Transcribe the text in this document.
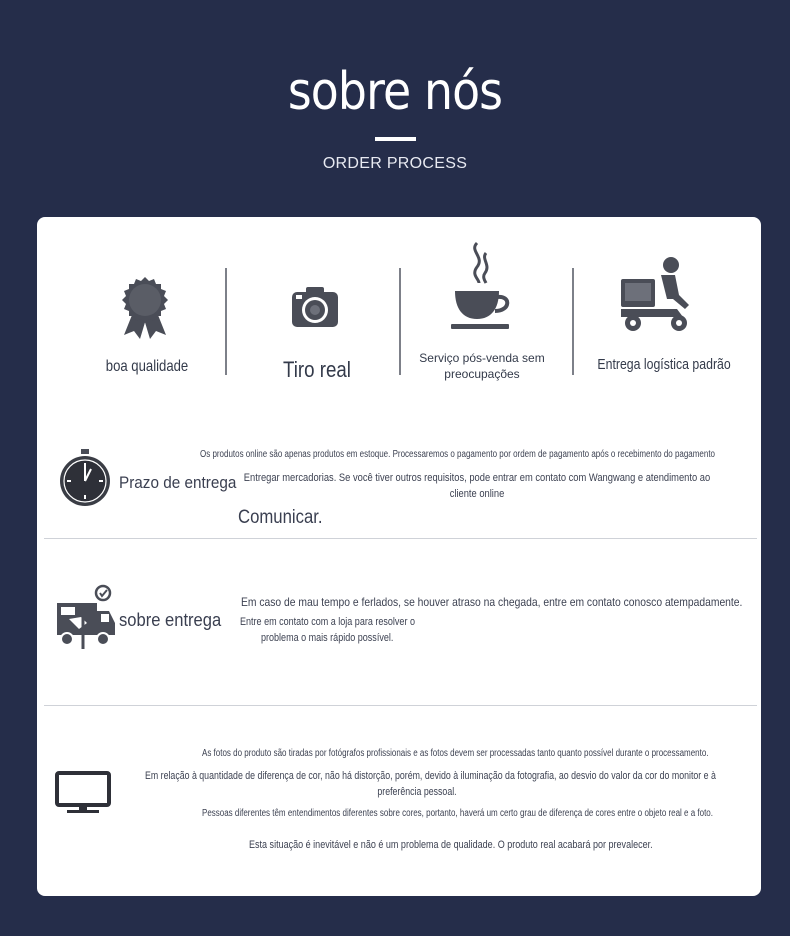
sobre nós
ORDER PROCESS
boa qualidade	Tiro real	Serviço pós-venda sem preocupações
Entrega logística padrão
Prazo de entrega
Os produtos online são apenas produtos em estoque. Processaremos o pagamento por ordem de pagamento após o recebimento do pagamento
Entregar mercadorias. Se você tiver outros requisitos, pode entrar em contato com Wangwang e atendimento ao
cliente online
Comunicar.
sobre entrega
Em caso de mau tempo e ferlados, se houver atraso na chegada, entre em contato conosco atempadamente.
Entre em contato com a loja para resolver o
problema o mais rápido possível.
As fotos do produto são tiradas por fotógrafos profissionais e as fotos devem ser processadas tanto quanto possível durante o processamento.
Em relação à quantidade de diferença de cor, não há distorção, porém, devido à iluminação da fotografia, ao desvio do valor da cor do monitor e à
preferência pessoal.
Pessoas diferentes têm entendimentos diferentes sobre cores, portanto, haverá um certo grau de diferença de cores entre o objeto real e a foto.
Esta situação é inevitável e não é um problema de qualidade. O produto real acabará por prevalecer.
